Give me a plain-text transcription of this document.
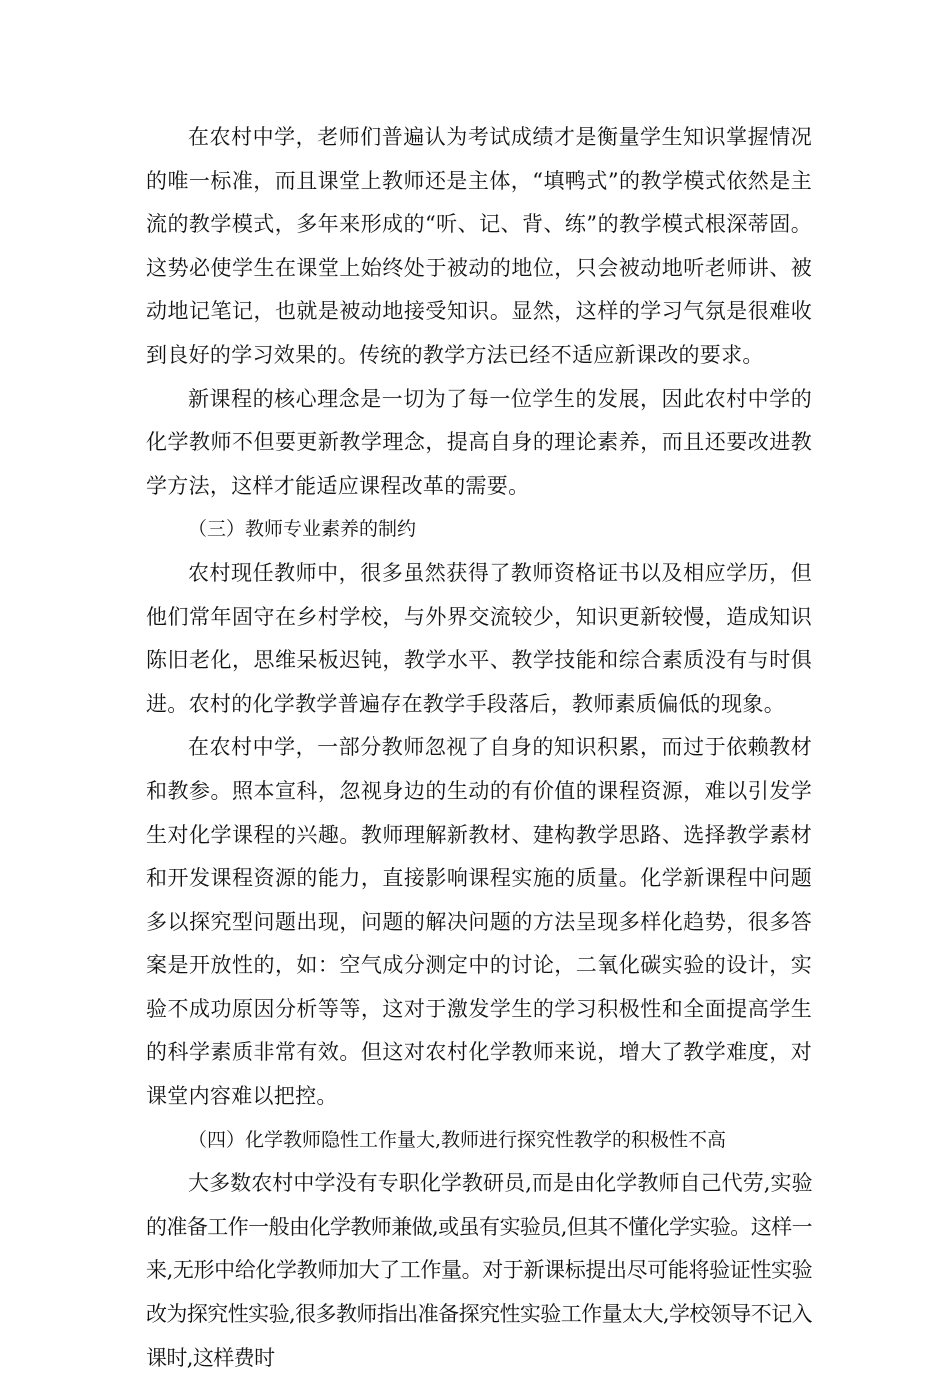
在农村中学，老师们普遍认为考试成绩才是衡量学生知识掌握情况的唯一标准，而且课堂上教师还是主体，“填鸭式”的教学模式依然是主流的教学模式，多年来形成的“听、记、背、练”的教学模式根深蒂固。这势必使学生在课堂上始终处于被动的地位，只会被动地听老师讲、被动地记笔记，也就是被动地接受知识。显然，这样的学习气氛是很难收到良好的学习效果的。传统的教学方法已经不适应新课改的要求。

新课程的核心理念是一切为了每一位学生的发展，因此农村中学的化学教师不但要更新教学理念，提高自身的理论素养，而且还要改进教学方法，这样才能适应课程改革的需要。

（三）教师专业素养的制约

农村现任教师中，很多虽然获得了教师资格证书以及相应学历，但他们常年固守在乡村学校，与外界交流较少，知识更新较慢，造成知识陈旧老化，思维呆板迟钝，教学水平、教学技能和综合素质没有与时俱进。农村的化学教学普遍存在教学手段落后，教师素质偏低的现象。

在农村中学，一部分教师忽视了自身的知识积累，而过于依赖教材和教参。照本宣科，忽视身边的生动的有价值的课程资源，难以引发学生对化学课程的兴趣。教师理解新教材、建构教学思路、选择教学素材和开发课程资源的能力，直接影响课程实施的质量。化学新课程中问题多以探究型问题出现，问题的解决问题的方法呈现多样化趋势，很多答案是开放性的，如：空气成分测定中的讨论，二氧化碳实验的设计，实验不成功原因分析等等，这对于激发学生的学习积极性和全面提高学生的科学素质非常有效。但这对农村化学教师来说，增大了教学难度，对课堂内容难以把控。

（四）化学教师隐性工作量大,教师进行探究性教学的积极性不高

大多数农村中学没有专职化学教研员,而是由化学教师自己代劳,实验的准备工作一般由化学教师兼做,或虽有实验员,但其不懂化学实验。这样一来,无形中给化学教师加大了工作量。对于新课标提出尽可能将验证性实验改为探究性实验,很多教师指出准备探究性实验工作量太大,学校领导不记入课时,这样费时
